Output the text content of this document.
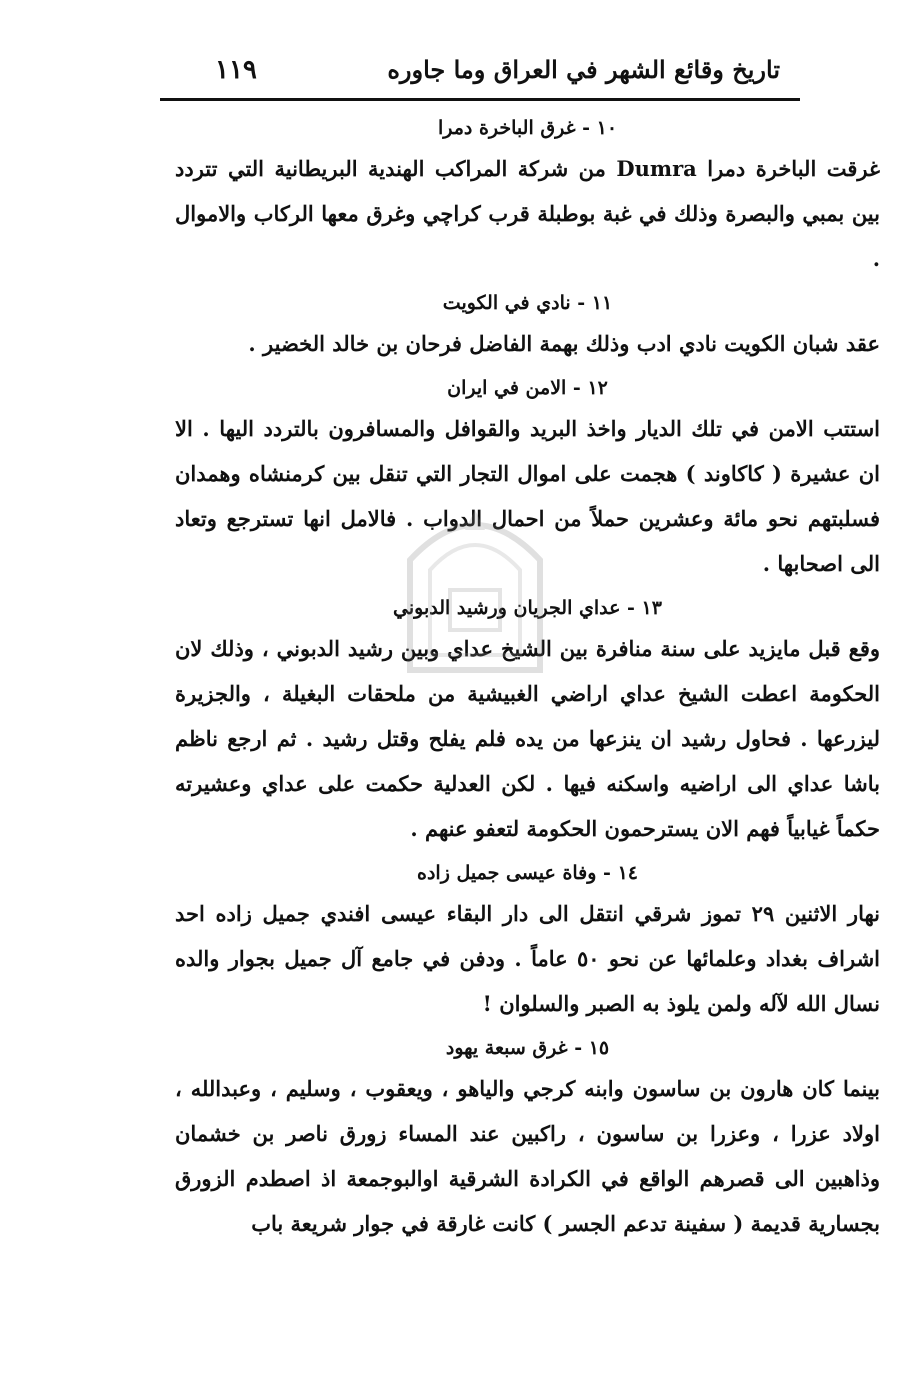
تاريخ وقائع الشهر في العراق وما جاوره
١١٩

١٠ - غرق الباخرة دمرا

غرقت الباخرة دمرا Dumra من شركة المراكب الهندية البريطانية التي تتردد بين بمبي والبصرة وذلك في غبة بوطبلة قرب كراچي وغرق معها الركاب والاموال .

١١ - نادي في الكويت

عقد شبان الكويت نادي ادب وذلك بهمة الفاضل فرحان بن خالد الخضير .

١٢ - الامن في ايران

استتب الامن في تلك الديار واخذ البريد والقوافل والمسافرون بالتردد اليها . الا ان عشيرة ( كاكاوند ) هجمت على اموال التجار التي تنقل بين كرمنشاه وهمدان فسلبتهم نحو مائة وعشرين حملاً من احمال الدواب . فالامل انها تسترجع وتعاد الى اصحابها .

١٣ - عداي الجريان ورشيد الدبوني

وقع قبل مايزيد على سنة منافرة بين الشيخ عداي وبين رشيد الدبوني ، وذلك لان الحكومة اعطت الشيخ عداي اراضي الغبيشية من ملحقات البغيلة ، والجزيرة ليزرعها . فحاول رشيد ان ينزعها من يده فلم يفلح وقتل رشيد . ثم ارجع ناظم باشا عداي الى اراضيه واسكنه فيها . لكن العدلية حكمت على عداي وعشيرته حكماً غيابياً فهم الان يسترحمون الحكومة لتعفو عنهم .

١٤ - وفاة عيسى جميل زاده

نهار الاثنين ٢٩ تموز شرقي انتقل الى دار البقاء عيسى افندي جميل زاده احد اشراف بغداد وعلمائها عن نحو ٥٠ عاماً . ودفن في جامع آل جميل بجوار والده نسال الله لآله ولمن يلوذ به الصبر والسلوان !

١٥ - غرق سبعة يهود

بينما كان هارون بن ساسون وابنه كرجي والياهو ، ويعقوب ، وسليم ، وعبدالله ، اولاد عزرا ، وعزرا بن ساسون ، راكبين عند المساء زورق ناصر بن خشمان وذاهبين الى قصرهم الواقع في الكرادة الشرقية اوالبوجمعة اذ اصطدم الزورق بجسارية قديمة ( سفينة تدعم الجسر ) كانت غارقة في جوار شريعة باب
